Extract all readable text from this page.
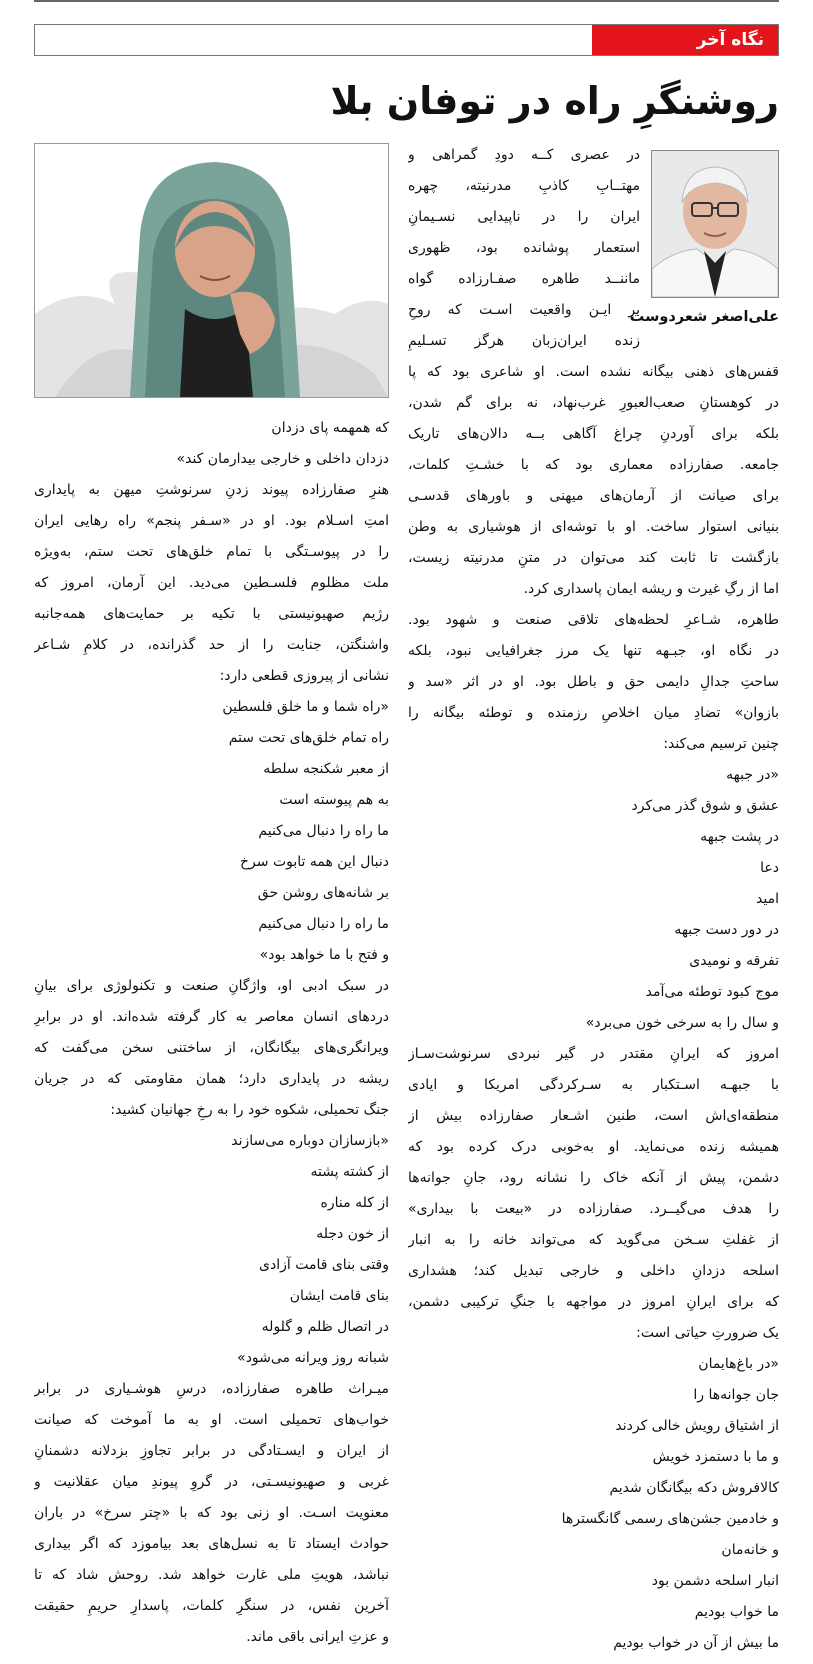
نگاه آخر
روشنگرِ راه در توفان بلا

علی‌اصغر شعردوست

در عصری کــه دودِ گمراهی و
مهتــابِ کاذبِ مدرنیته، چهره
ایران را در ناپیدایی نسـیمانِ
استعمار پوشانده بود، ظهوری
ماننــد طاهره صفـارزاده گواه
بر ایـن واقعیت اسـت که روحِ
زنده ایران‌زبان هرگز تسـلیمِ
قفس‌های ذهنی بیگانه نشده است. او شاعری بود که پا
در کوهستانِ صعب‌العبورِ غرب‌نهاد، نه برای گم شدن،
بلکه برای آوردنِ چراغ آگاهی بــه دالان‌های تاریک
جامعه. صفارزاده معماری بود که با خشـتِ کلمات،
برای صیانت از آرمان‌های میهنی و باورهای قدسـی
بنیانی استوار ساخت. او با توشه‌ای از هوشیاری به وطن
بازگشت تا ثابت کند می‌توان در متنِ مدرنیته زیست،
اما از رگِ غیرت و ریشه ایمان پاسداری کرد.
طاهره، شـاعرِ لحظه‌های تلاقی صنعت و شهود بود.
در نگاه او، جبـهه تنها یک مرز جغرافیایی نبود، بلکه
ساحتِ جدالِ دایمی حق و باطل بود. او در اثر «سد و
بازوان» تضادِ میان اخلاصِ رزمنده و توطئه بیگانه را
چنین ترسیم می‌کند:
«در جبهه
عشق و شوق گذر می‌کرد
در پشت جبهه
دعا
امید
در دور دست جبهه
تفرقه و نومیدی
موج کبود توطئه می‌آمد
و سال را به سرخی خون می‌برد»
امروز که ایرانِ مقتدر در گیر نبردی سرنوشت‌سـاز
با جبهـه اسـتکبار به سـرکردگی امریکا و ایادی
منطقه‌ای‌اش است، طنین اشـعار صفارزاده بیش از
همیشه زنده می‌نماید. او به‌خوبی درک کرده بود که
دشمن، پیش از آنکه خاک را نشانه رود، جانِ جوانه‌ها
را هدف می‌گیــرد. صفارزاده در «بیعت با بیداری»
از غفلتِ سـخن می‌گوید که می‌تواند خانه را به انبار
اسلحه دزدانِ داخلی و خارجی تبدیل کند؛ هشداری
که برای ایرانِ امروز در مواجهه با جنگِ ترکیبی دشمن،
یک ضرورتِ حیاتی است:
«در باغ‌هایمان
جان جوانه‌ها را
از اشتیاق رویش خالی کردند
و ما با دستمزد خویش
کالافروش دکه بیگانگان شدیم
و خادمین جشن‌های رسمی گانگسترها
و خانه‌مان
انبار اسلحه دشمن بود
ما خواب بودیم
ما بیش از آن در خواب بودیم
که همهمه پای دزدان
دزدان داخلی و خارجی بیدارمان کند»
هنرِ صفارزاده پیوند زدنِ سرنوشتِ میهن به پایداری
امتِ اسـلام بود. او در «سـفر پنجم» راه رهایی ایران
را در پیوسـتگی با تمام خلق‌های تحت ستم، به‌ویژه
ملت مظلوم فلسـطین می‌دید. این آرمان، امروز که
رژیم صهیونیستی با تکیه بر حمایت‌های همه‌جانبه
واشنگتن، جنایت را از حد گذرانده، در کلامِ شـاعر
نشانی از پیروزی قطعی دارد:
«راه شما و ما خلق فلسطین
راه تمام خلق‌های تحت ستم
از معبر شکنجه سلطه
به هم پیوسته است
ما راه را دنبال می‌کنیم
دنبال این همه تابوت سرخ
بر شانه‌های روشن حق
ما راه را دنبال می‌کنیم
و فتح با ما خواهد بود»
در سبک ادبی او، واژگانِ صنعت و تکنولوژی برای بیانِ
دردهای انسان معاصر به کار گرفته شده‌اند. او در برابرِ
ویرانگری‌های بیگانگان، از ساختنی سخن می‌گفت که
ریشه در پایداری دارد؛ همان مقاومتی که در جریان
جنگ تحمیلی، شکوه خود را به رخِ جهانیان کشید:
«بازسازان دوباره می‌سازند
از کشته پشته
از کله مناره
از خون دجله
وقتی بنای قامت آزادی
بنای قامت ایشان
در اتصال ظلم و گلوله
شبانه روز ویرانه می‌شود»
میـراث طاهره صفارزاده، درسِ هوشـیاری در برابر
خواب‌های تحمیلی است. او به ما آموخت که صیانت
از ایران و ایسـتادگی در برابر تجاوزِ بزدلانه دشمنانِ
غربی و صهیونیسـتی، در گروِ پیوندِ میان عقلانیت و
معنویت اسـت. او زنی بود که با «چتر سرخ» در باران
حوادث ایستاد تا به نسل‌های بعد بیاموزد که اگر بیداری
نباشد، هویتِ ملی غارت خواهد شد. روحش شاد که تا
آخرین نفس، در سنگرِ کلمات، پاسدارِ حریمِ حقیقت
و عزتِ ایرانی باقی ماند.
